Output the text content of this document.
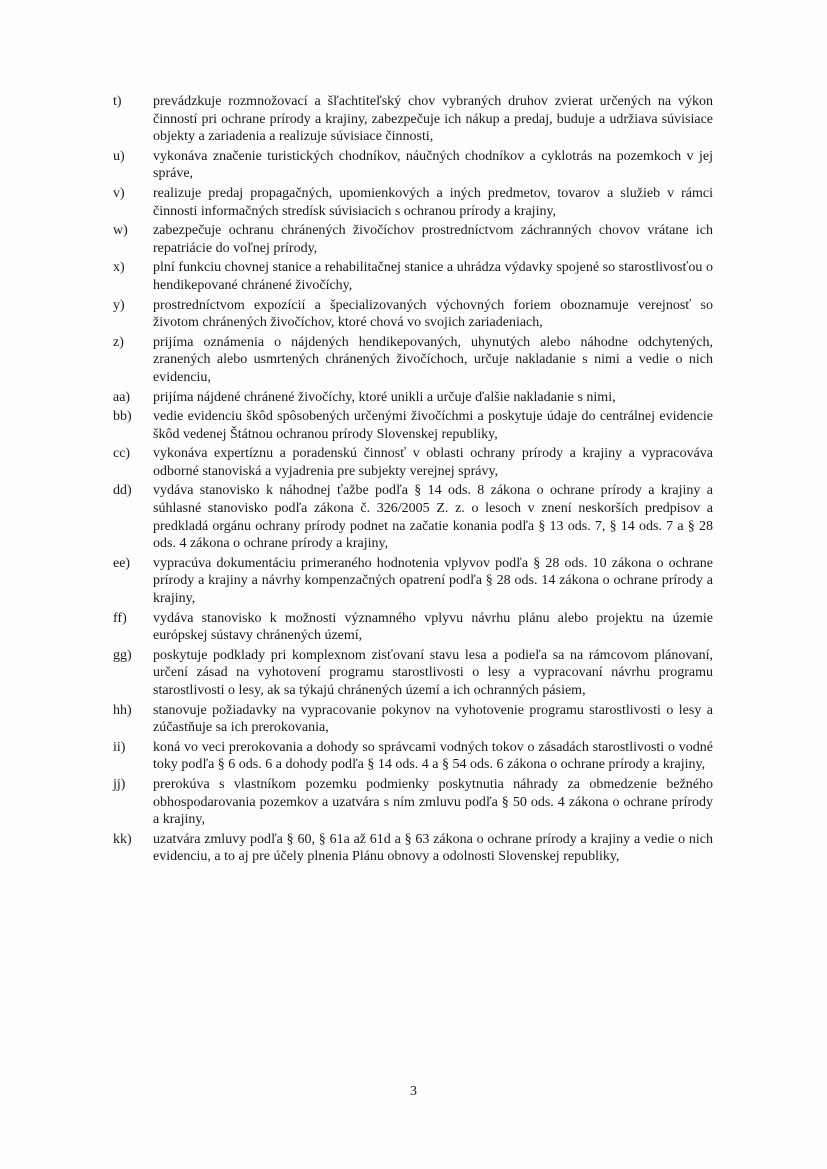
t)	prevádzkuje rozmnožovací a šľachtiteľský chov vybraných druhov zvierat určených na výkon činností pri ochrane prírody a krajiny, zabezpečuje ich nákup a predaj, buduje a udržiava súvisiace objekty a zariadenia a realizuje súvisiace činnosti,
u)	vykonáva značenie turistických chodníkov, náučných chodníkov a cyklotrás na pozemkoch v jej správe,
v)	realizuje predaj propagačných, upomienkových a iných predmetov, tovarov a služieb v rámci činnosti informačných stredísk súvisiacich s ochranou prírody a krajiny,
w)	zabezpečuje ochranu chránených živočíchov prostredníctvom záchranných chovov vrátane ich repatriácie do voľnej prírody,
x)	plní funkciu chovnej stanice a rehabilitačnej stanice a uhrádza výdavky spojené so starostlivosťou o hendikepované chránené živočíchy,
y)	prostredníctvom expozícií a špecializovaných výchovných foriem oboznamuje verejnosť so životom chránených živočíchov, ktoré chová vo svojich zariadeniach,
z)	prijíma oznámenia o nájdených hendikepovaných, uhynutých alebo náhodne odchytených, zranených alebo usmrtených chránených živočíchoch, určuje nakladanie s nimi a vedie o nich evidenciu,
aa)	prijíma nájdené chránené živočíchy, ktoré unikli a určuje ďalšie nakladanie s nimi,
bb)	vedie evidenciu škôd spôsobených určenými živočíchmi a poskytuje údaje do centrálnej evidencie škôd vedenej Štátnou ochranou prírody Slovenskej republiky,
cc)	vykonáva expertíznu a poradenskú činnosť v oblasti ochrany prírody a krajiny a vypracováva odborné stanoviská a vyjadrenia pre subjekty verejnej správy,
dd)	vydáva stanovisko k náhodnej ťažbe podľa § 14 ods. 8 zákona o ochrane prírody a krajiny a súhlasné stanovisko podľa zákona č. 326/2005 Z. z. o lesoch v znení neskorších predpisov a predkladá orgánu ochrany prírody podnet na začatie konania podľa § 13 ods. 7, § 14 ods. 7 a § 28 ods. 4 zákona o ochrane prírody a krajiny,
ee)	vypracúva dokumentáciu primeraného hodnotenia vplyvov podľa § 28 ods. 10 zákona o ochrane prírody a krajiny a návrhy kompenzačných opatrení podľa § 28 ods. 14 zákona o ochrane prírody a krajiny,
ff)	vydáva stanovisko k možnosti významného vplyvu návrhu plánu alebo projektu na územie európskej sústavy chránených území,
gg)	poskytuje podklady pri komplexnom zisťovaní stavu lesa a podieľa sa na rámcovom plánovaní, určení zásad na vyhotovení programu starostlivosti o lesy a vypracovaní návrhu programu starostlivosti o lesy, ak sa týkajú chránených území a ich ochranných pásiem,
hh)	stanovuje požiadavky na vypracovanie pokynov na vyhotovenie programu starostlivosti o lesy a zúčastňuje sa ich prerokovania,
ii)	koná vo veci prerokovania a dohody so správcami vodných tokov o zásadách starostlivosti o vodné toky podľa § 6 ods. 6 a dohody podľa § 14 ods. 4 a § 54 ods. 6 zákona o ochrane prírody a krajiny,
jj)	prerokúva s vlastníkom pozemku podmienky poskytnutia náhrady za obmedzenie bežného obhospodarovania pozemkov a uzatvára s ním zmluvu podľa § 50 ods. 4 zákona o ochrane prírody a krajiny,
kk)	uzatvára zmluvy podľa § 60, § 61a až 61d a § 63 zákona o ochrane prírody a krajiny a vedie o nich evidenciu, a to aj pre účely plnenia Plánu obnovy a odolnosti Slovenskej republiky,
3
